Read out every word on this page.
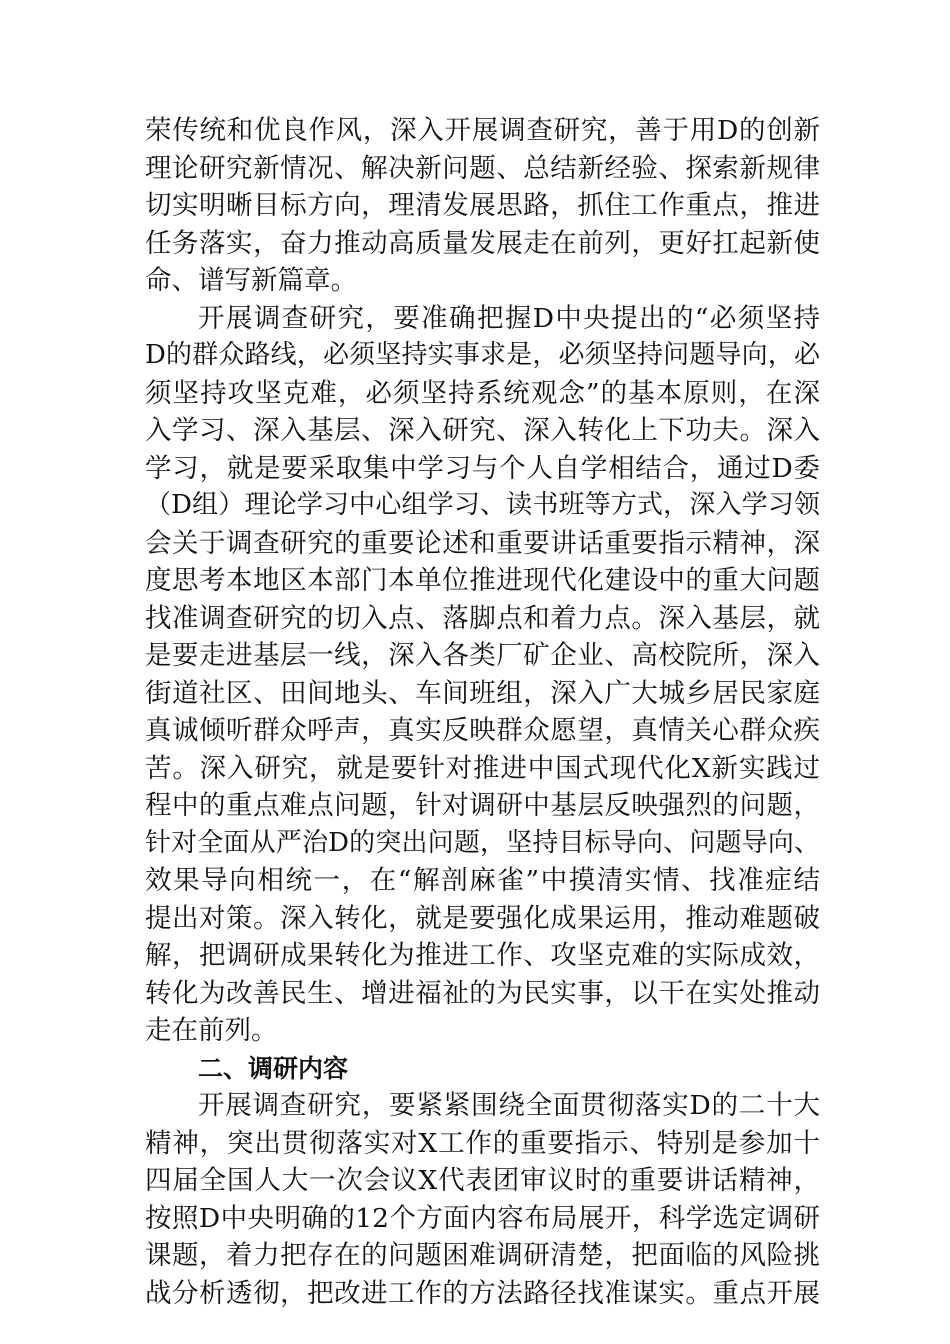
荣传统和优良作风，深入开展调查研究，善于用D的创新
理论研究新情况、解决新问题、总结新经验、探索新规律
切实明晰目标方向，理清发展思路，抓住工作重点，推进
任务落实，奋力推动高质量发展走在前列，更好扛起新使
命、谱写新篇章。
开展调查研究，要准确把握D中央提出的“必须坚持
D的群众路线，必须坚持实事求是，必须坚持问题导向，必
须坚持攻坚克难，必须坚持系统观念”的基本原则，在深
入学习、深入基层、深入研究、深入转化上下功夫。深入
学习，就是要采取集中学习与个人自学相结合，通过D委
（D组）理论学习中心组学习、读书班等方式，深入学习领
会关于调查研究的重要论述和重要讲话重要指示精神，深
度思考本地区本部门本单位推进现代化建设中的重大问题
找准调查研究的切入点、落脚点和着力点。深入基层，就
是要走进基层一线，深入各类厂矿企业、高校院所，深入
街道社区、田间地头、车间班组，深入广大城乡居民家庭
真诚倾听群众呼声，真实反映群众愿望，真情关心群众疾
苦。深入研究，就是要针对推进中国式现代化X新实践过
程中的重点难点问题，针对调研中基层反映强烈的问题，
针对全面从严治D的突出问题，坚持目标导向、问题导向、
效果导向相统一，在“解剖麻雀”中摸清实情、找准症结
提出对策。深入转化，就是要强化成果运用，推动难题破
解，把调研成果转化为推进工作、攻坚克难的实际成效，
转化为改善民生、增进福祉的为民实事，以干在实处推动
走在前列。
二、调研内容
开展调查研究，要紧紧围绕全面贯彻落实D的二十大
精神，突出贯彻落实对X工作的重要指示、特别是参加十
四届全国人大一次会议X代表团审议时的重要讲话精神，
按照D中央明确的12个方面内容布局展开，科学选定调研
课题，着力把存在的问题困难调研清楚，把面临的风险挑
战分析透彻，把改进工作的方法路径找准谋实。重点开展
